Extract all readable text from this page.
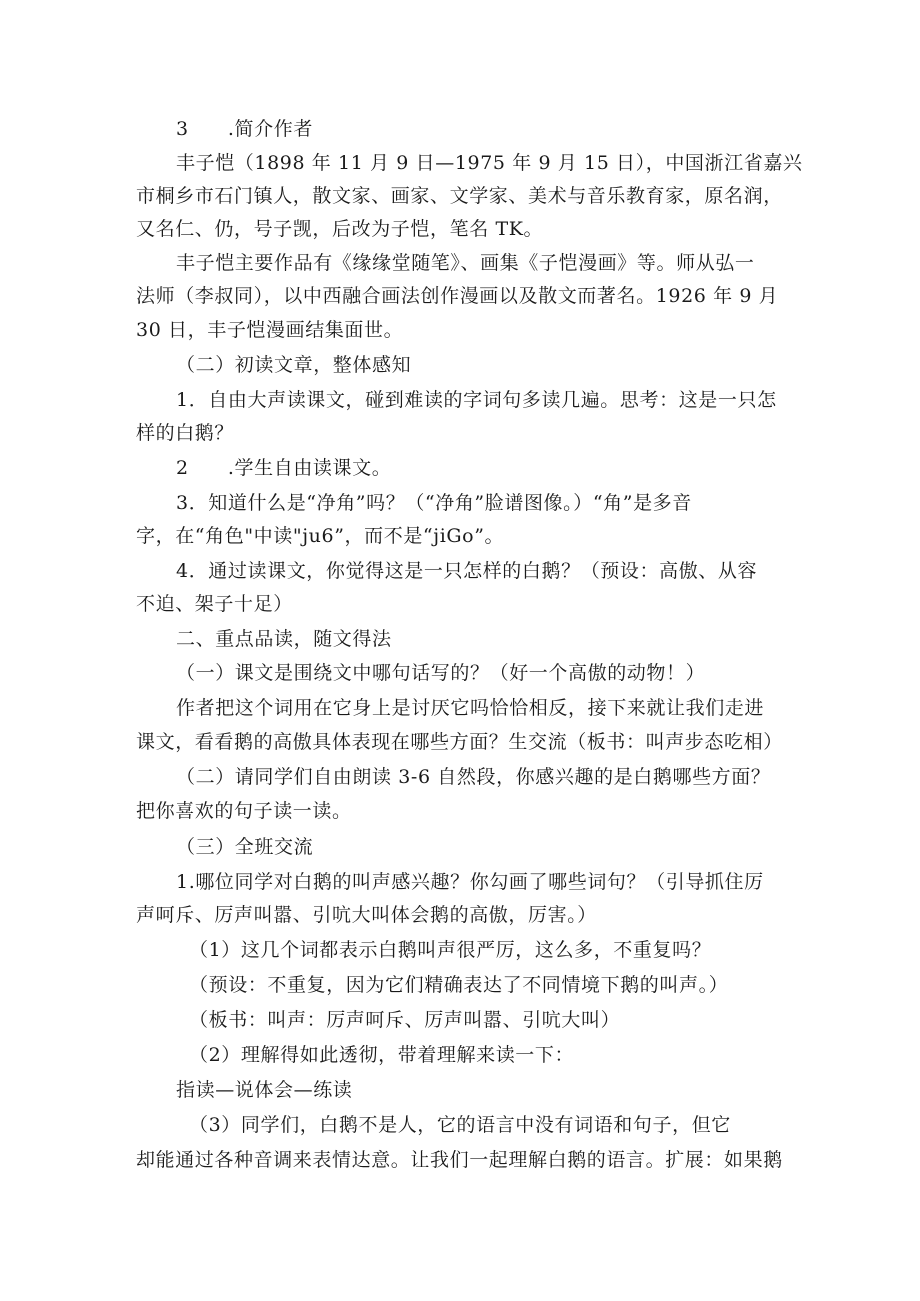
3　　.简介作者
丰子恺（1898 年 11 月 9 日—1975 年 9 月 15 日），中国浙江省嘉兴
市桐乡市石门镇人，散文家、画家、文学家、美术与音乐教育家，原名润，
又名仁、仍，号子觊，后改为子恺，笔名 TK。
丰子恺主要作品有《缘缘堂随笔》、画集《子恺漫画》等。师从弘一
法师（李叔同），以中西融合画法创作漫画以及散文而著名。1926 年 9 月
30 日，丰子恺漫画结集面世。
（二）初读文章，整体感知
1．自由大声读课文，碰到难读的字词句多读几遍。思考：这是一只怎
样的白鹅？
2　　.学生自由读课文。
3．知道什么是“净角”吗？（“净角”脸谱图像。）“角”是多音
字，在“角色"中读"ju6”，而不是“jiGo”。
4．通过读课文，你觉得这是一只怎样的白鹅？（预设：高傲、从容
不迫、架子十足）
二、重点品读，随文得法
（一）课文是围绕文中哪句话写的？（好一个高傲的动物！）
作者把这个词用在它身上是讨厌它吗恰恰相反，接下来就让我们走进
课文，看看鹅的高傲具体表现在哪些方面？生交流（板书：叫声步态吃相）
（二）请同学们自由朗读 3-6 自然段，你感兴趣的是白鹅哪些方面？
把你喜欢的句子读一读。
（三）全班交流
1.哪位同学对白鹅的叫声感兴趣？你勾画了哪些词句？（引导抓住厉
声呵斥、厉声叫嚣、引吭大叫体会鹅的高傲，厉害。）
（1）这几个词都表示白鹅叫声很严厉，这么多，不重复吗？
（预设：不重复，因为它们精确表达了不同情境下鹅的叫声。）
（板书：叫声：厉声呵斥、厉声叫嚣、引吭大叫）
（2）理解得如此透彻，带着理解来读一下：
指读—说体会—练读
（3）同学们，白鹅不是人，它的语言中没有词语和句子，但它
却能通过各种音调来表情达意。让我们一起理解白鹅的语言。扩展：如果鹅
